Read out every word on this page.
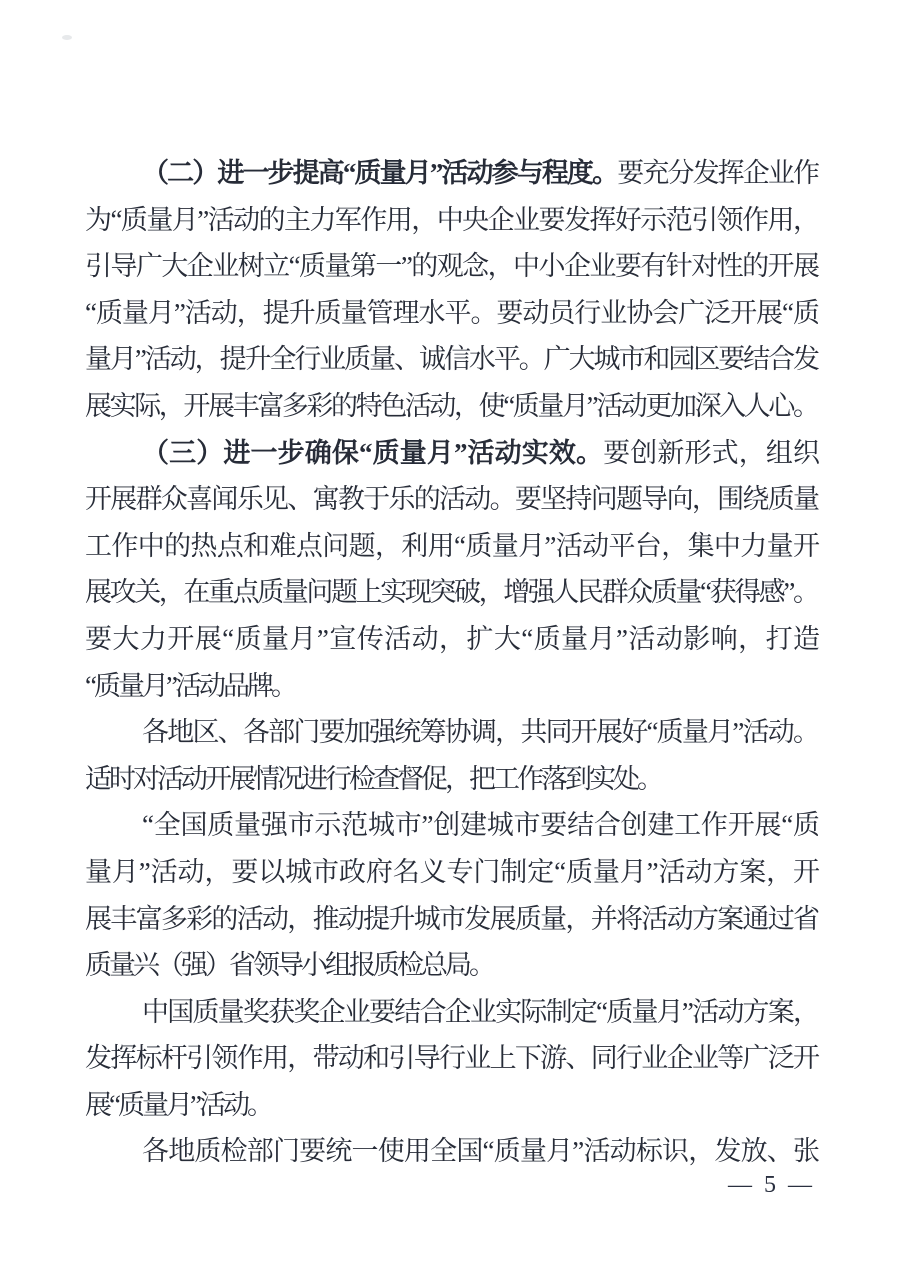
（二）进一步提高“质量月”活动参与程度。要充分发挥企业作
为“质量月”活动的主力军作用，中央企业要发挥好示范引领作用，
引导广大企业树立“质量第一”的观念，中小企业要有针对性的开展
“质量月”活动，提升质量管理水平。要动员行业协会广泛开展“质
量月”活动，提升全行业质量、诚信水平。广大城市和园区要结合发
展实际，开展丰富多彩的特色活动，使“质量月”活动更加深入人心。
（三）进一步确保“质量月”活动实效。要创新形式，组织
开展群众喜闻乐见、寓教于乐的活动。要坚持问题导向，围绕质量
工作中的热点和难点问题，利用“质量月”活动平台，集中力量开
展攻关，在重点质量问题上实现突破，增强人民群众质量“获得感”。
要大力开展“质量月”宣传活动，扩大“质量月”活动影响，打造
“质量月”活动品牌。
各地区、各部门要加强统筹协调，共同开展好“质量月”活动。
适时对活动开展情况进行检查督促，把工作落到实处。
“全国质量强市示范城市”创建城市要结合创建工作开展“质
量月”活动，要以城市政府名义专门制定“质量月”活动方案，开
展丰富多彩的活动，推动提升城市发展质量，并将活动方案通过省
质量兴（强）省领导小组报质检总局。
中国质量奖获奖企业要结合企业实际制定“质量月”活动方案，
发挥标杆引领作用，带动和引导行业上下游、同行业企业等广泛开
展“质量月”活动。
各地质检部门要统一使用全国“质量月”活动标识，发放、张
— 5 —
